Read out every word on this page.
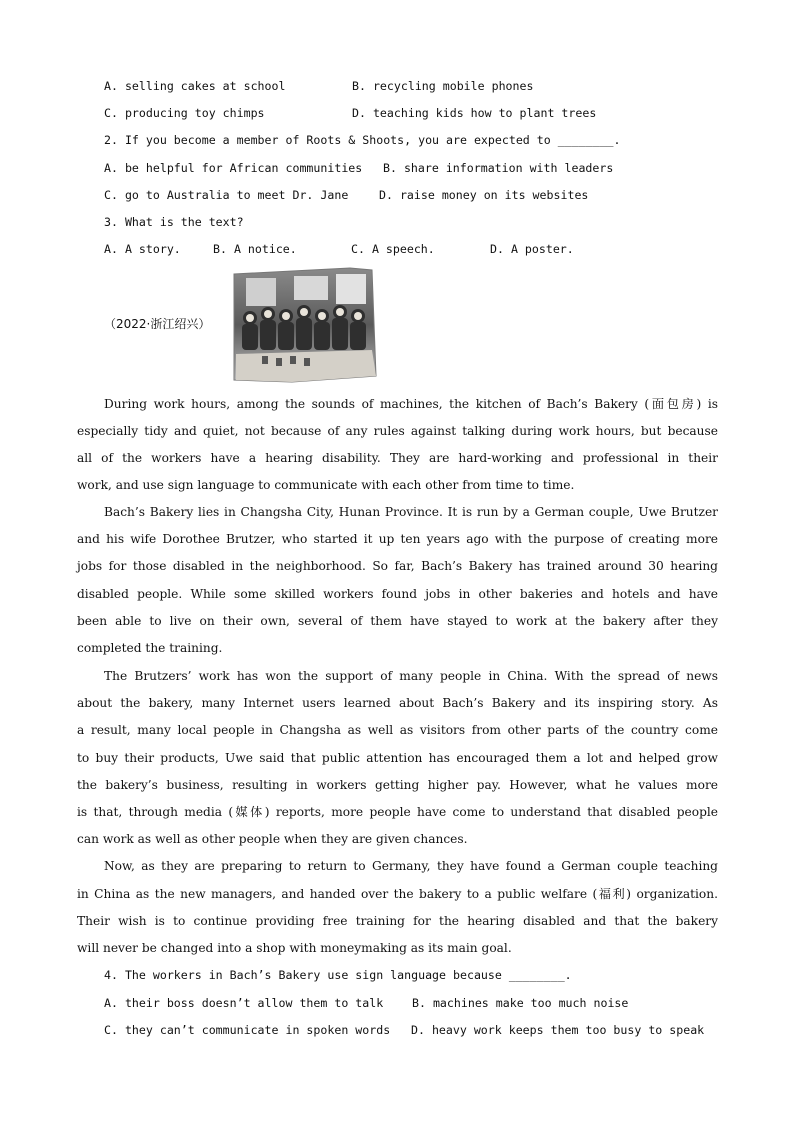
A. selling cakes at school	B. recycling mobile phones
C. producing toy chimps	D. teaching kids how to plant trees
2. If you become a member of Roots & Shoots, you are expected to ________.
A. be helpful for African communities B. share information with leaders
C. go to Australia to meet Dr. Jane	D. raise money on its websites
3. What is the text?
A. A story.	B. A notice.	C. A speech.	D. A poster.
（2022·浙江绍兴）
During work hours, among the sounds of machines, the kitchen of Bach’s Bakery (面包房) is
especially tidy and quiet, not because of any rules against talking during work hours, but because
all of the workers have a hearing disability. They are hard-working and professional in their
work, and use sign language to communicate with each other from time to time.
Bach’s Bakery lies in Changsha City, Hunan Province. It is run by a German couple, Uwe Brutzer
and his wife Dorothee Brutzer, who started it up ten years ago with the purpose of creating more
jobs for those disabled in the neighborhood. So far, Bach’s Bakery has trained around 30 hearing
disabled people. While some skilled workers found jobs in other bakeries and hotels and have
been able to live on their own, several of them have stayed to work at the bakery after they
completed the training.
The Brutzers’ work has won the support of many people in China. With the spread of news
about the bakery, many Internet users learned about Bach’s Bakery and its inspiring story. As
a result, many local people in Changsha as well as visitors from other parts of the country come
to buy their products, Uwe said that public attention has encouraged them a lot and helped grow
the bakery’s business, resulting in workers getting higher pay. However, what he values more
is that, through media (媒体) reports, more people have come to understand that disabled people
can work as well as other people when they are given chances.
Now, as they are preparing to return to Germany, they have found a German couple teaching
in China as the new managers, and handed over the bakery to a public welfare (福利) organization.
Their wish is to continue providing free training for the hearing disabled and that the bakery
will never be changed into a shop with moneymaking as its main goal.
4. The workers in Bach’s Bakery use sign language because ________.
A. their boss doesn’t allow them to talk B. machines make too much noise
C. they can’t communicate in spoken words D. heavy work keeps them too busy to speak
